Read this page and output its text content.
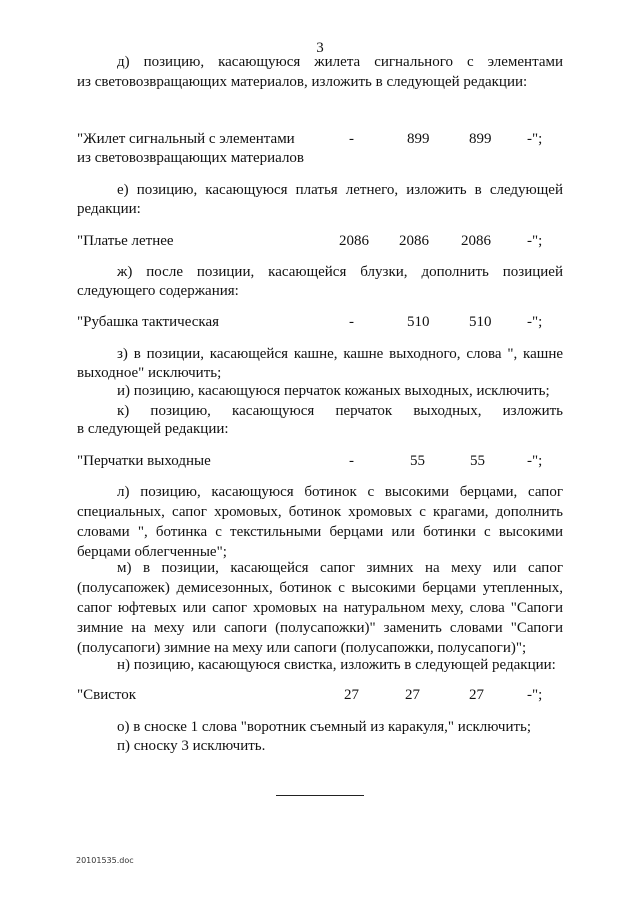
3
д) позицию, касающуюся жилета сигнального с элементами
из световозвращающих материалов, изложить в следующей редакции:
"Жилет сигнальный с элементами	-	899	899 -";
из световозвращающих материалов
е) позицию, касающуюся платья летнего, изложить в следующей
редакции:
"Платье летнее	2086 2086 2086 -";
ж) после позиции, касающейся блузки, дополнить позицией
следующего содержания:
"Рубашка тактическая	-	510	510 -";
з) в позиции, касающейся кашне, кашне выходного, слова ", кашне
выходное" исключить;
и) позицию, касающуюся перчаток кожаных выходных, исключить;
к) позицию, касающуюся перчаток выходных, изложить
в следующей редакции:
"Перчатки выходные	-	55	55	-";
л) позицию, касающуюся ботинок с высокими берцами, сапог специальных, сапог хромовых, ботинок хромовых с крагами, дополнить словами ", ботинка с текстильными берцами или ботинки с высокими берцами облегченные";
м) в позиции, касающейся сапог зимних на меху или сапог (полусапожек) демисезонных, ботинок с высокими берцами утепленных, сапог юфтевых или сапог хромовых на натуральном меху, слова "Сапоги зимние на меху или сапоги (полусапожки)" заменить словами "Сапоги (полусапоги) зимние на меху или сапоги (полусапожки, полусапоги)";
н) позицию, касающуюся свистка, изложить в следующей редакции:
"Свисток	27	27	27	-";
о) в сноске 1 слова "воротник съемный из каракуля," исключить;
п) сноску 3 исключить.
20101535.doc
